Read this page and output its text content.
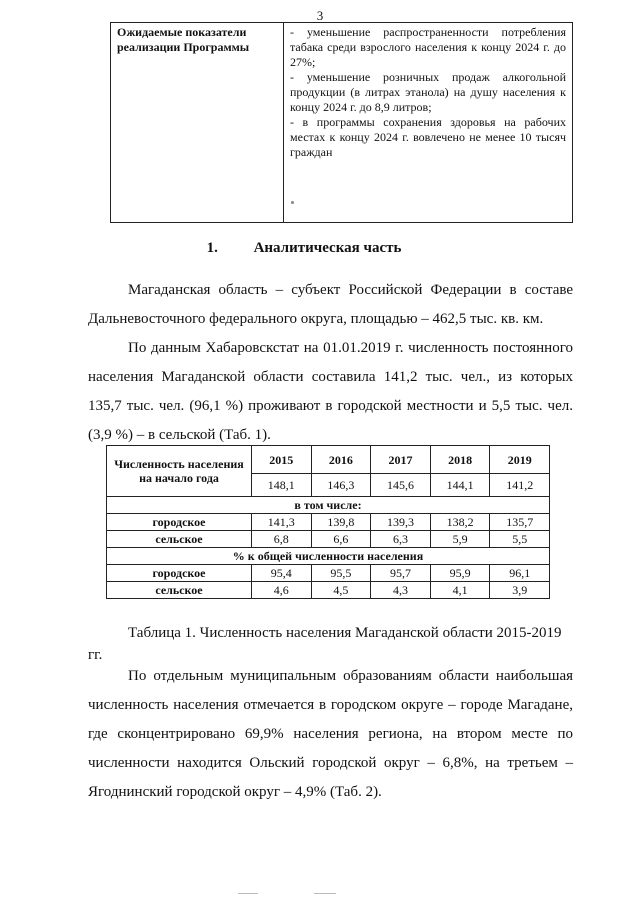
3
Ожидаемые показатели реализации Программы	
- уменьшение распространенности потребления табака среди взрослого населения к концу 2024 г. до 27%;
- уменьшение розничных продаж алкогольной продукции (в литрах этанола) на душу населения к концу 2024 г. до 8,9 литров;
- в программы сохранения здоровья на рабочих местах к концу 2024 г. вовлечено не менее 10 тысяч граждан
1. Аналитическая часть
Магаданская область – субъект Российской Федерации в составе Дальневосточного федерального округа, площадью – 462,5 тыс. кв. км.
По данным Хабаровскстат на 01.01.2019 г. численность постоянного населения Магаданской области составила 141,2 тыс. чел., из которых 135,7 тыс. чел. (96,1 %) проживают в городской местности и 5,5 тыс. чел. (3,9 %) – в сельской (Таб. 1).
Численность населения на начало года	2015	2016	2017	2018	2019
	148,1	146,3	145,6	144,1	141,2
в том числе:					
городское	141,3	139,8	139,3	138,2	135,7
сельское	6,8	6,6	6,3	5,9	5,5
% к общей численности населения					
городское	95,4	95,5	95,7	95,9	96,1
сельское	4,6	4,5	4,3	4,1	3,9
Таблица 1. Численность населения Магаданской области 2015-2019 гг.
По отдельным муниципальным образованиям области наибольшая численность населения отмечается в городском округе – городе Магадане, где сконцентрировано 69,9% населения региона, на втором месте по численности находится Ольский городской округ – 6,8%, на третьем – Ягоднинский городской округ – 4,9% (Таб. 2).
